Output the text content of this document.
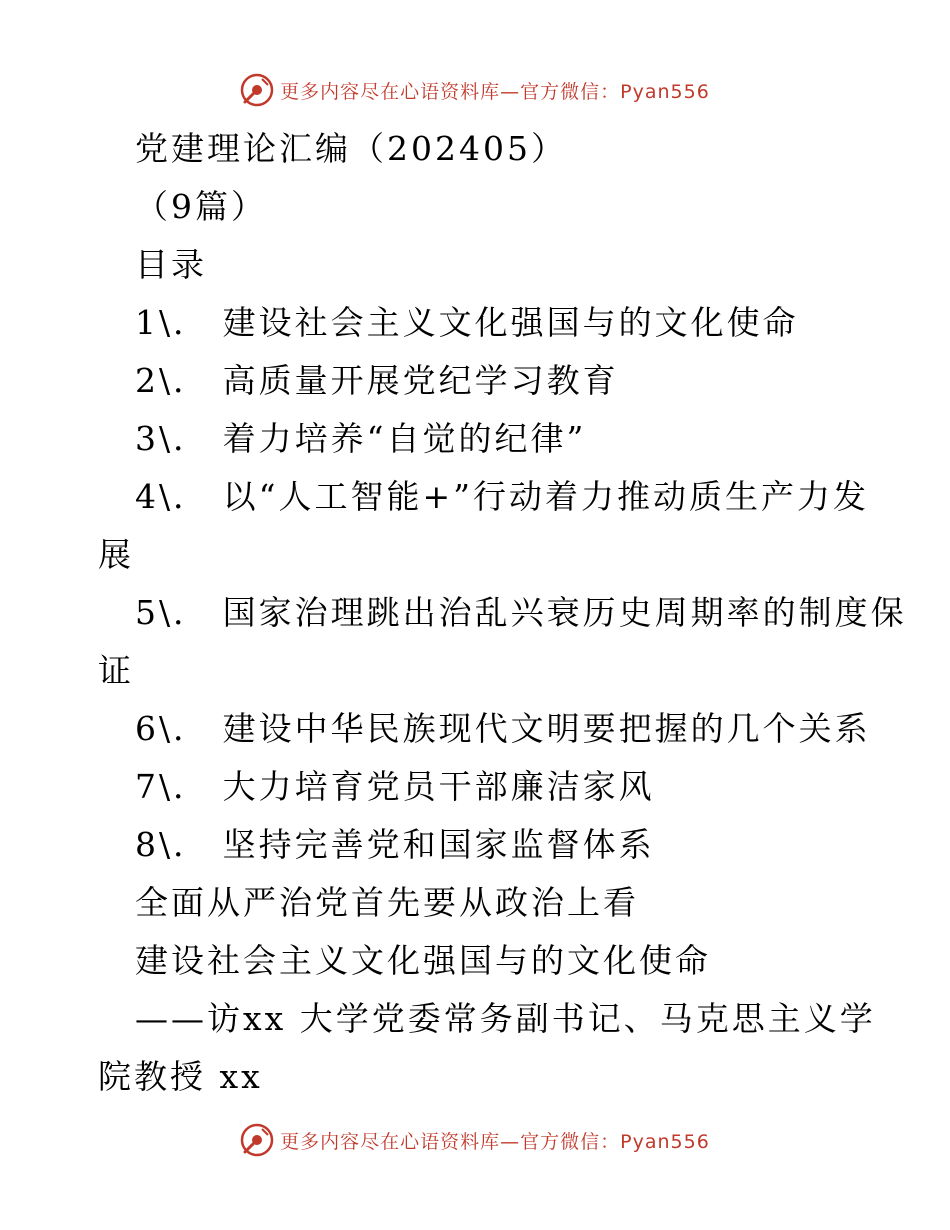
更多内容尽在心语资料库—官方微信：Pyan556
党建理论汇编（202405）
（9篇）
目录
1\． 建设社会主义文化强国与的文化使命
2\． 高质量开展党纪学习教育
3\． 着力培养“自觉的纪律”
4\． 以“人工智能+”行动着力推动质生产力发
展
5\． 国家治理跳出治乱兴衰历史周期率的制度保
证
6\． 建设中华民族现代文明要把握的几个关系
7\． 大力培育党员干部廉洁家风
8\． 坚持完善党和国家监督体系
全面从严治党首先要从政治上看
建设社会主义文化强国与的文化使命
——访xx 大学党委常务副书记、马克思主义学
院教授 xx
更多内容尽在心语资料库—官方微信：Pyan556
